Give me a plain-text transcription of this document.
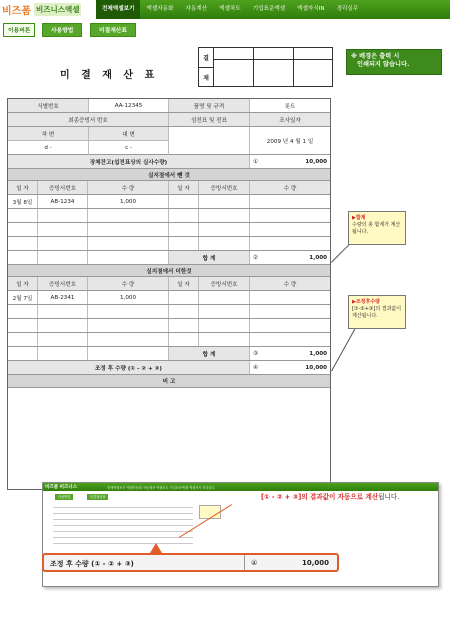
비즈폼 비즈니스엑셀	전체엑셀보기	엑셀자동화	자동계산	엑셀차트	기업표준엑셀	엑셀자식IN	경리실무
이용버튼	사용방법	미결재산표
미 결 재 산 표
결
재
※ 배경은 출력 시
인쇄되지 않습니다.
식별번호	AA-12345	품명 및 규격	롯트
최종증빙서 번호	섬전표 및 전표	조사일자
차 변	대 변
d -	c -
2009 년 4 월 1 일
장체잔고(섭전표상의 실사수량)	①	10,000
실지점에서 뺀 것
일 자	증빙서번호	수 량	일 자	증빙서번호	수 량
3월 8일	AB-1234	1,000
합 계	②	1,000
실지점에서 더한것
일 자	증빙서번호	수 량	일 자	증빙서번호	수 량
2월 7일	AB-2341	1,000
합 계	③	1,000
조정 후 수량 (① - ② + ③)	④	10,000
비 고
▶합계
수량의 총 합계가 계산됩니다.
▶조정후수량
[①-②+③]의 결과값이 계산됩니다.
비즈폼 비즈니스	전체엑셀보기 엑셀자동화 자동계산 엑셀차트 기업표준엑셀 엑셀자식 경리실무
사용방법	미결재산표	[① - ② + ③]의 결과값이 자동으로 계산됩니다.
조정 후 수량 (① - ② + ③)	④	10,000
